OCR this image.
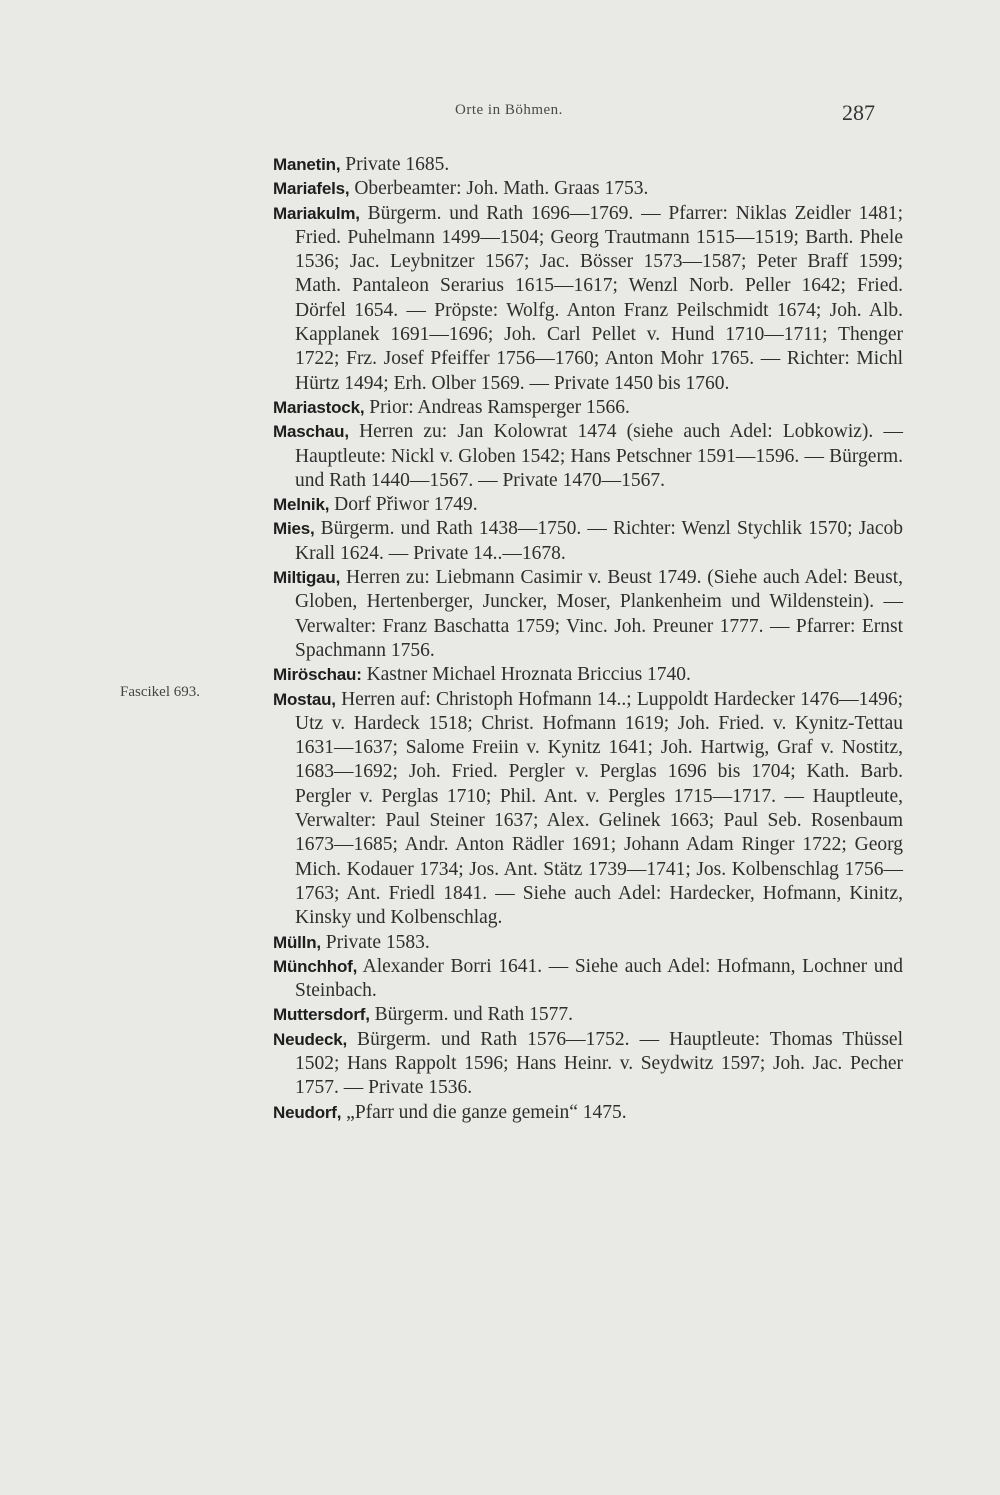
Orte in Böhmen.	287
Fascikel 693.

Manetin, Private 1685.

Mariafels, Oberbeamter: Joh. Math. Graas 1753.

Mariakulm, Bürgerm. und Rath 1696—1769. — Pfarrer: Niklas Zeidler 1481; Fried. Puhelmann 1499—1504; Georg Trautmann 1515—1519; Barth. Phele 1536; Jac. Leybnitzer 1567; Jac. Bösser 1573—1587; Peter Braff 1599; Math. Pantaleon Serarius 1615—1617; Wenzl Norb. Peller 1642; Fried. Dörfel 1654. — Pröpste: Wolfg. Anton Franz Peilschmidt 1674; Joh. Alb. Kapplanek 1691—1696; Joh. Carl Pellet v. Hund 1710—1711; Thenger 1722; Frz. Josef Pfeiffer 1756—1760; Anton Mohr 1765. — Richter: Michl Hürtz 1494; Erh. Olber 1569. — Private 1450 bis 1760.

Mariastock, Prior: Andreas Ramsperger 1566.

Maschau, Herren zu: Jan Kolowrat 1474 (siehe auch Adel: Lobkowiz). — Hauptleute: Nickl v. Globen 1542; Hans Petschner 1591—1596. — Bürgerm. und Rath 1440—1567. — Private 1470—1567.

Melnik, Dorf Přiwor 1749.

Mies, Bürgerm. und Rath 1438—1750. — Richter: Wenzl Stychlik 1570; Jacob Krall 1624. — Private 14..—1678.

Miltigau, Herren zu: Liebmann Casimir v. Beust 1749. (Siehe auch Adel: Beust, Globen, Hertenberger, Juncker, Moser, Plankenheim und Wildenstein). — Verwalter: Franz Baschatta 1759; Vinc. Joh. Preuner 1777. — Pfarrer: Ernst Spachmann 1756.

Miröschau: Kastner Michael Hroznata Briccius 1740.

Mostau, Herren auf: Christoph Hofmann 14..; Luppoldt Hardecker 1476—1496; Utz v. Hardeck 1518; Christ. Hofmann 1619; Joh. Fried. v. Kynitz-Tettau 1631—1637; Salome Freiin v. Kynitz 1641; Joh. Hartwig, Graf v. Nostitz, 1683—1692; Joh. Fried. Pergler v. Perglas 1696 bis 1704; Kath. Barb. Pergler v. Perglas 1710; Phil. Ant. v. Pergles 1715—1717. — Hauptleute, Verwalter: Paul Steiner 1637; Alex. Gelinek 1663; Paul Seb. Rosenbaum 1673—1685; Andr. Anton Rädler 1691; Johann Adam Ringer 1722; Georg Mich. Kodauer 1734; Jos. Ant. Stätz 1739—1741; Jos. Kolbenschlag 1756—1763; Ant. Friedl 1841. — Siehe auch Adel: Hardecker, Hofmann, Kinitz, Kinsky und Kolbenschlag.

Mülln, Private 1583.

Münchhof, Alexander Borri 1641. — Siehe auch Adel: Hofmann, Lochner und Steinbach.

Muttersdorf, Bürgerm. und Rath 1577.

Neudeck, Bürgerm. und Rath 1576—1752. — Hauptleute: Thomas Thüssel 1502; Hans Rappolt 1596; Hans Heinr. v. Seydwitz 1597; Joh. Jac. Pecher 1757. — Private 1536.

Neudorf, „Pfarr und die ganze gemein“ 1475.
